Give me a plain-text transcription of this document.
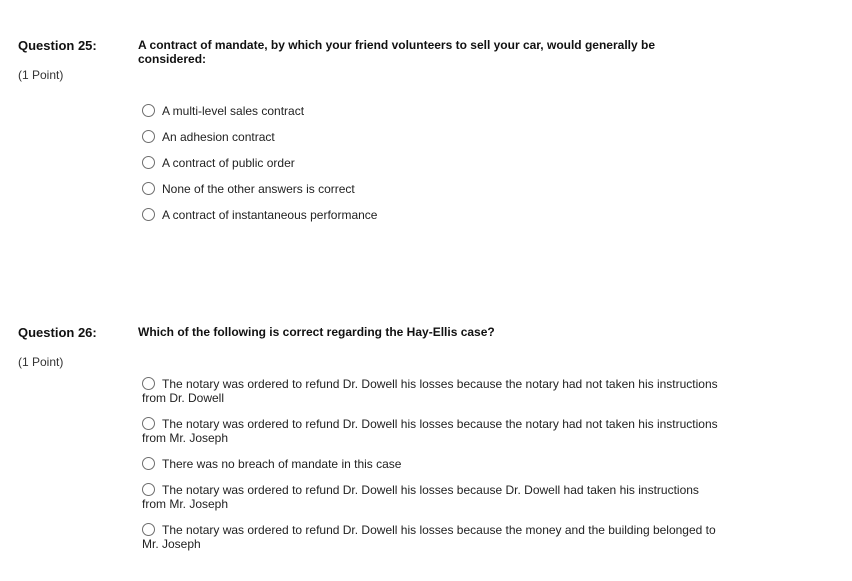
Question 25:
(1 Point)

A contract of mandate, by which your friend volunteers to sell your car, would generally be considered:

A multi-level sales contract
An adhesion contract
A contract of public order
None of the other answers is correct
A contract of instantaneous performance
Question 26:
(1 Point)

Which of the following is correct regarding the Hay-Ellis case?

The notary was ordered to refund Dr. Dowell his losses because the notary had not taken his instructions from Dr. Dowell
The notary was ordered to refund Dr. Dowell his losses because the notary had not taken his instructions from Mr. Joseph
There was no breach of mandate in this case
The notary was ordered to refund Dr. Dowell his losses because Dr. Dowell had taken his instructions from Mr. Joseph
The notary was ordered to refund Dr. Dowell his losses because the money and the building belonged to Mr. Joseph
